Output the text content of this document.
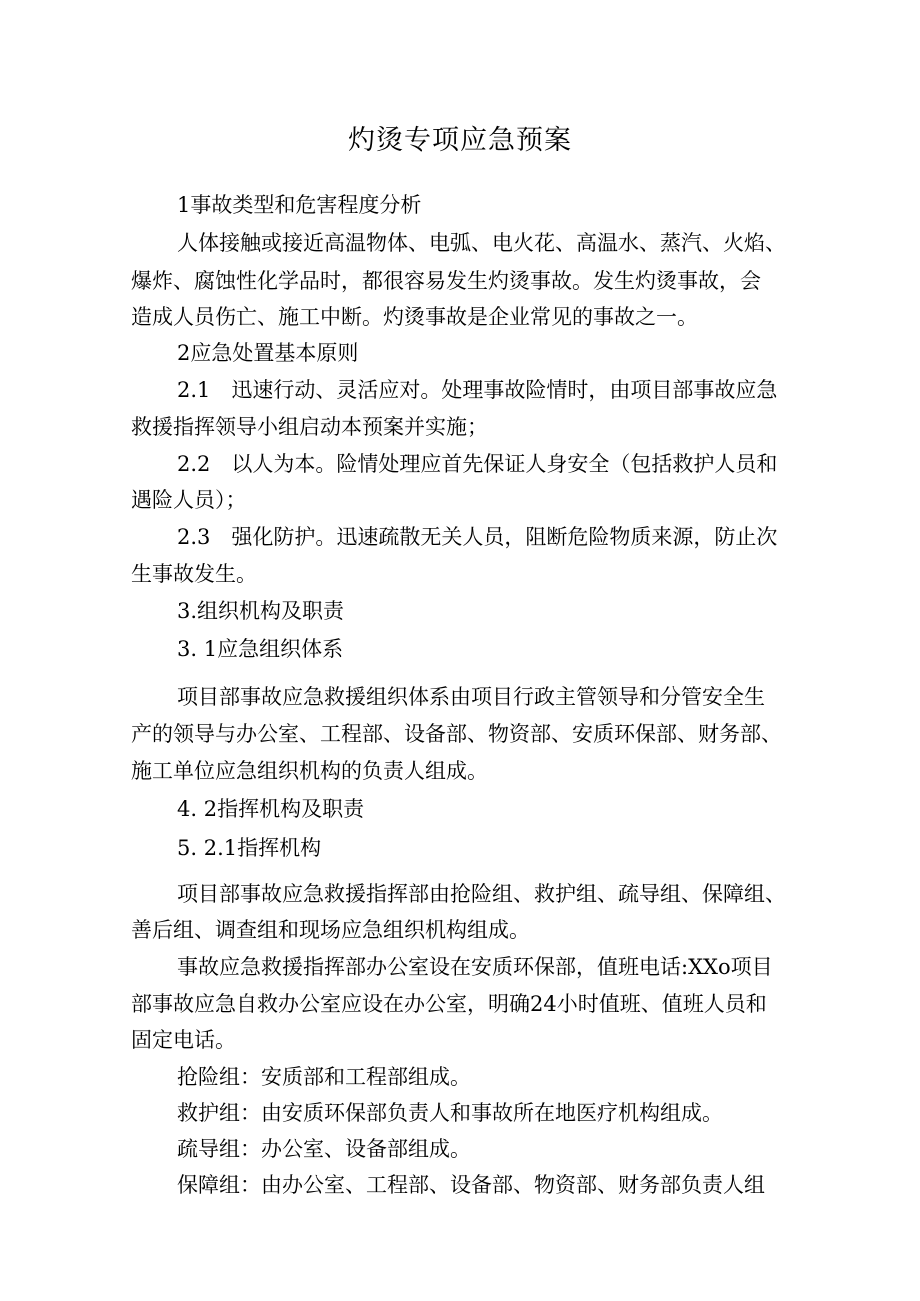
灼烫专项应急预案
1事故类型和危害程度分析
人体接触或接近高温物体、电弧、电火花、高温水、蒸汽、火焰、
爆炸、腐蚀性化学品时，都很容易发生灼烫事故。发生灼烫事故，会
造成人员伤亡、施工中断。灼烫事故是企业常见的事故之一。
2应急处置基本原则
2.1　迅速行动、灵活应对。处理事故险情时，由项目部事故应急
救援指挥领导小组启动本预案并实施；
2.2　以人为本。险情处理应首先保证人身安全（包括救护人员和
遇险人员）；
2.3　强化防护。迅速疏散无关人员，阻断危险物质来源，防止次
生事故发生。
3.组织机构及职责
3. 1应急组织体系
项目部事故应急救援组织体系由项目行政主管领导和分管安全生
产的领导与办公室、工程部、设备部、物资部、安质环保部、财务部、
施工单位应急组织机构的负责人组成。
4. 2指挥机构及职责
5. 2.1指挥机构
项目部事故应急救援指挥部由抢险组、救护组、疏导组、保障组、
善后组、调查组和现场应急组织机构组成。
事故应急救援指挥部办公室设在安质环保部，值班电话:XXo项目
部事故应急自救办公室应设在办公室，明确24小时值班、值班人员和
固定电话。
抢险组：安质部和工程部组成。
救护组：由安质环保部负责人和事故所在地医疗机构组成。
疏导组：办公室、设备部组成。
保障组：由办公室、工程部、设备部、物资部、财务部负责人组
